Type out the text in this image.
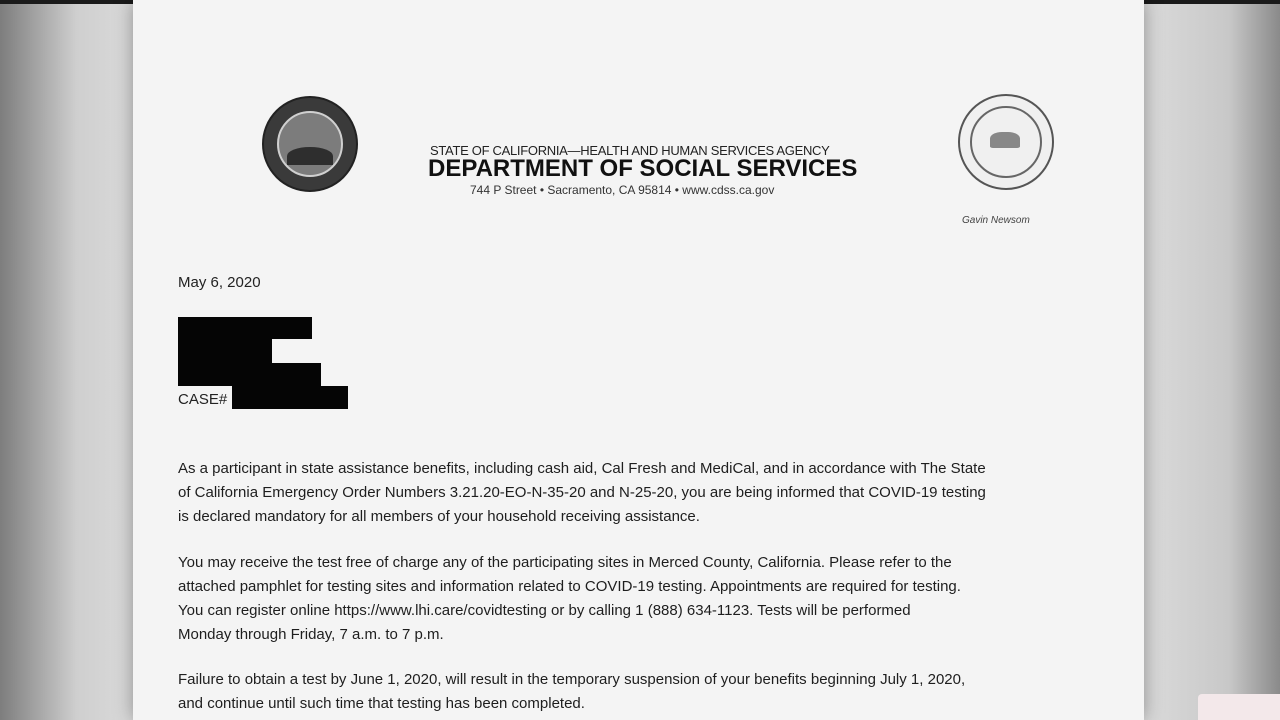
STATE OF CALIFORNIA—HEALTH AND HUMAN SERVICES AGENCY
DEPARTMENT OF SOCIAL SERVICES
744 P Street • Sacramento, CA 95814 • www.cdss.ca.gov
Gavin Newsom
May 6, 2020
CASE#
As a participant in state assistance benefits, including cash aid, Cal Fresh and MediCal, and in accordance with The State
of California Emergency Order Numbers 3.21.20-EO-N-35-20 and N-25-20, you are being informed that COVID-19 testing
is declared mandatory for all members of your household receiving assistance.
You may receive the test free of charge any of the participating sites in Merced County, California. Please refer to the
attached pamphlet for testing sites and information related to COVID-19 testing. Appointments are required for testing.
You can register online https://www.lhi.care/covidtesting or by calling 1 (888) 634-1123. Tests will be performed
Monday through Friday, 7 a.m. to 7 p.m.
Failure to obtain a test by June 1, 2020, will result in the temporary suspension of your benefits beginning July 1, 2020,
and continue until such time that testing has been completed.
